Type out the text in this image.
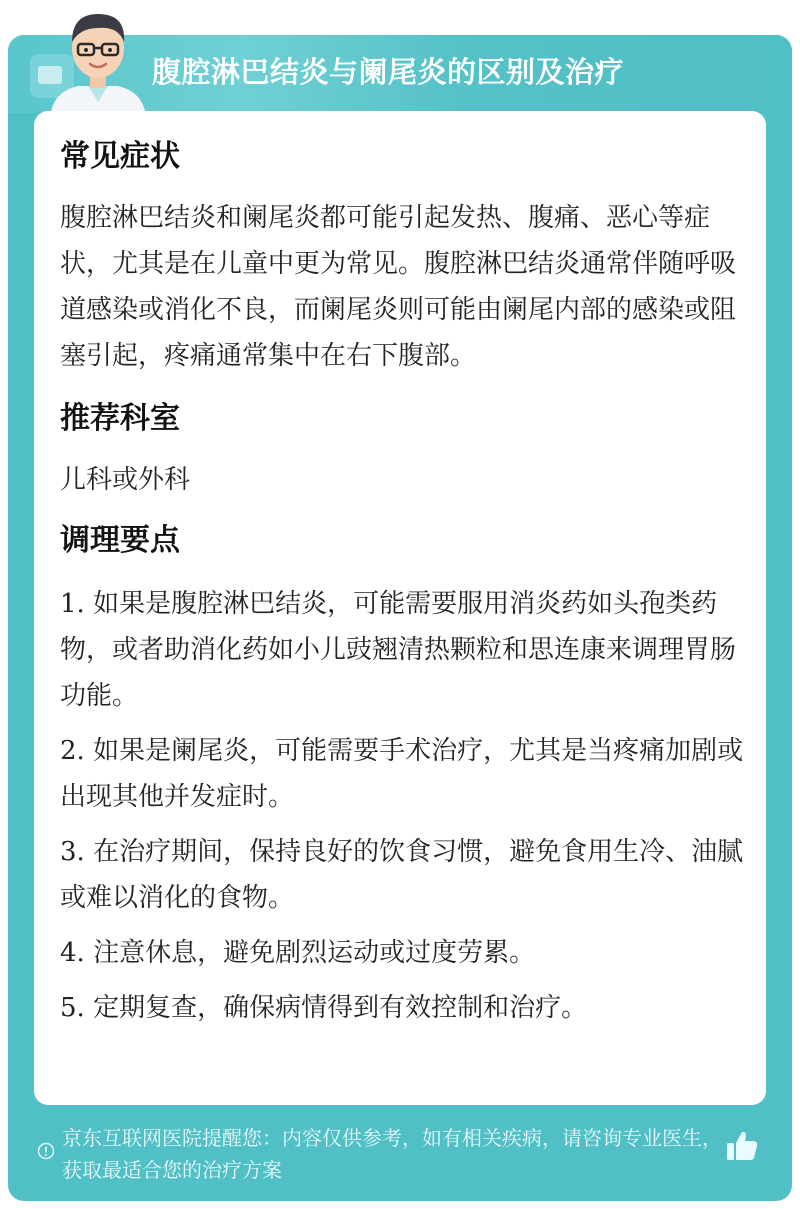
腹腔淋巴结炎与阑尾炎的区别及治疗
常见症状

腹腔淋巴结炎和阑尾炎都可能引起发热、腹痛、恶心等症状，尤其是在儿童中更为常见。腹腔淋巴结炎通常伴随呼吸道感染或消化不良，而阑尾炎则可能由阑尾内部的感染或阻塞引起，疼痛通常集中在右下腹部。

推荐科室

儿科或外科

调理要点

1. 如果是腹腔淋巴结炎，可能需要服用消炎药如头孢类药物，或者助消化药如小儿豉翘清热颗粒和思连康来调理胃肠功能。

2. 如果是阑尾炎，可能需要手术治疗，尤其是当疼痛加剧或出现其他并发症时。

3. 在治疗期间，保持良好的饮食习惯，避免食用生冷、油腻或难以消化的食物。

4. 注意休息，避免剧烈运动或过度劳累。

5. 定期复查，确保病情得到有效控制和治疗。

京东互联网医院提醒您：内容仅供参考，如有相关疾病，请咨询专业医生，获取最适合您的治疗方案
